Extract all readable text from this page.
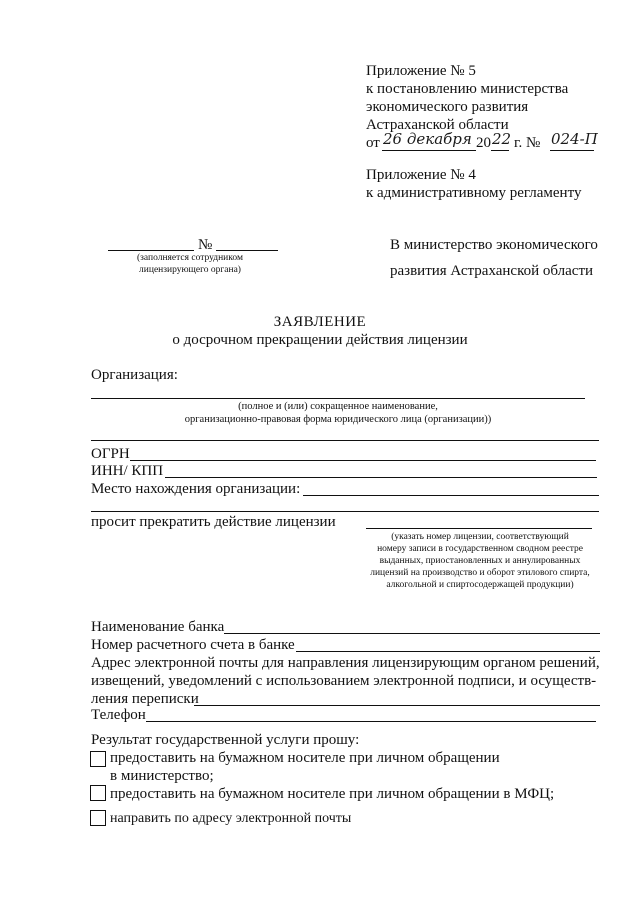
Приложение № 5
к постановлению министерства
экономического развития
Астраханской области
от 26 декабря 20 22 г. № 024-П
Приложение № 4
к административному регламенту
№
(заполняется сотрудником
лицензирующего органа)
В министерство экономического
развития Астраханской области
ЗАЯВЛЕНИЕ
о досрочном прекращении действия лицензии
Организация:
(полное и (или) сокращенное наименование,
организационно-правовая форма юридического лица (организации))
ОГРН
ИНН/ КПП
Место нахождения организации:
просит прекратить действие лицензии
(указать номер лицензии, соответствующий
номеру записи в государственном сводном реестре
выданных, приостановленных и аннулированных
лицензий на производство и оборот этилового спирта,
алкогольной и спиртосодержащей продукции)
Наименование банка
Номер расчетного счета в банке
Адрес электронной почты для направления лицензирующим органом решений,
извещений, уведомлений с использованием электронной подписи, и осуществ-
ления переписки
Телефон
Результат государственной услуги прошу:
предоставить на бумажном носителе при личном обращении
в министерство;
предоставить на бумажном носителе при личном обращении в МФЦ;
направить по адресу электронной почты
